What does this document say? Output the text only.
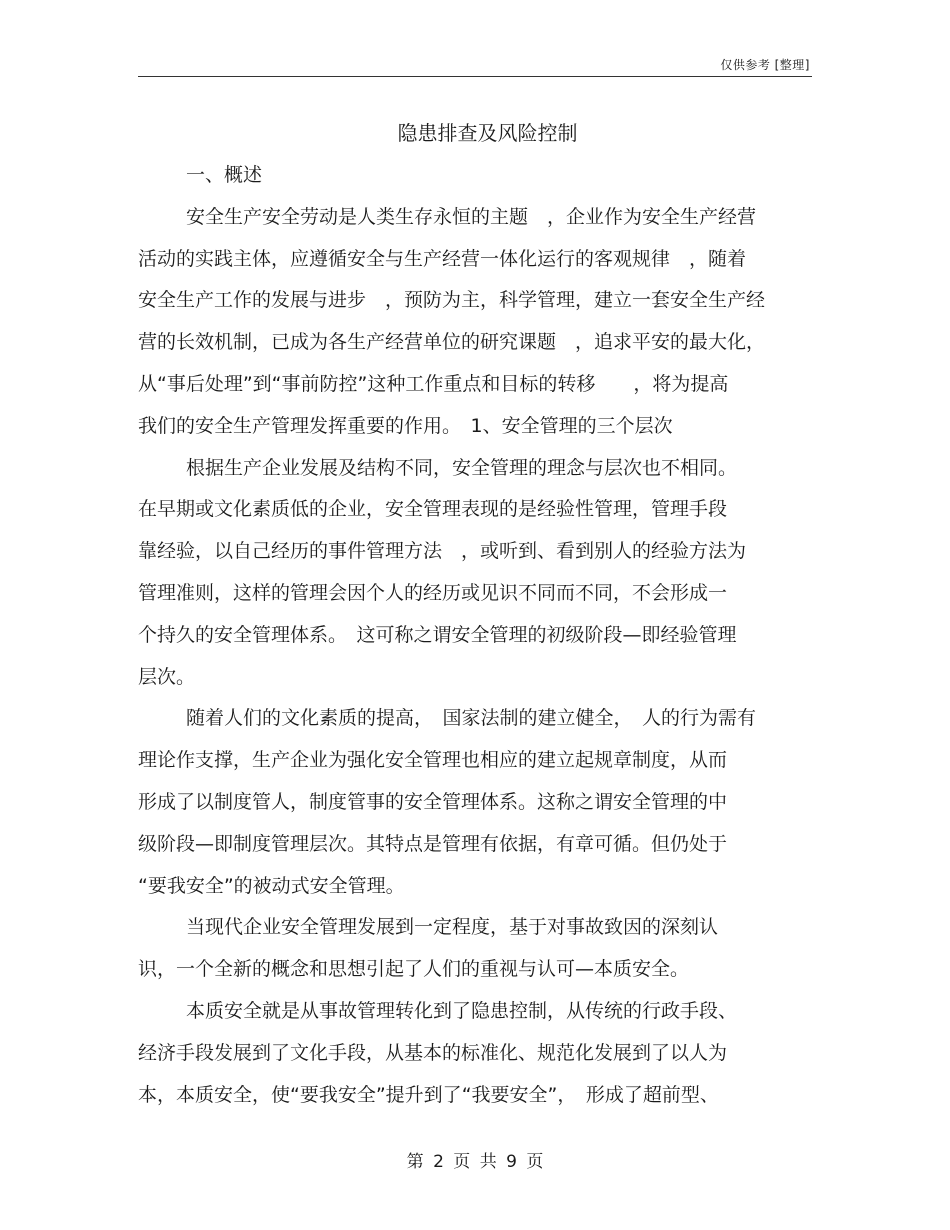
仅供参考 [整理]
隐患排查及风险控制
一、概述
安全生产安全劳动是人类生存永恒的主题　，企业作为安全生产经营
活动的实践主体，应遵循安全与生产经营一体化运行的客观规律　，随着
安全生产工作的发展与进步　，预防为主，科学管理，建立一套安全生产经
营的长效机制，已成为各生产经营单位的研究课题　，追求平安的最大化，
从“事后处理”到“事前防控”这种工作重点和目标的转移　　，将为提高
我们的安全生产管理发挥重要的作用。　1、安全管理的三个层次
根据生产企业发展及结构不同，安全管理的理念与层次也不相同。
在早期或文化素质低的企业，安全管理表现的是经验性管理，管理手段
靠经验，以自己经历的事件管理方法　，或听到、看到别人的经验方法为
管理准则，这样的管理会因个人的经历或见识不同而不同，不会形成一
个持久的安全管理体系。　这可称之谓安全管理的初级阶段—即经验管理
层次。
随着人们的文化素质的提高，　国家法制的建立健全，　人的行为需有
理论作支撑，生产企业为强化安全管理也相应的建立起规章制度，从而
形成了以制度管人，制度管事的安全管理体系。这称之谓安全管理的中
级阶段—即制度管理层次。其特点是管理有依据，有章可循。但仍处于
“要我安全”的被动式安全管理。
当现代企业安全管理发展到一定程度，基于对事故致因的深刻认
识，一个全新的概念和思想引起了人们的重视与认可—本质安全。
本质安全就是从事故管理转化到了隐患控制，从传统的行政手段、
经济手段发展到了文化手段，从基本的标准化、规范化发展到了以人为
本，本质安全，使“要我安全”提升到了“我要安全”，　形成了超前型、
第 2 页 共 9 页
